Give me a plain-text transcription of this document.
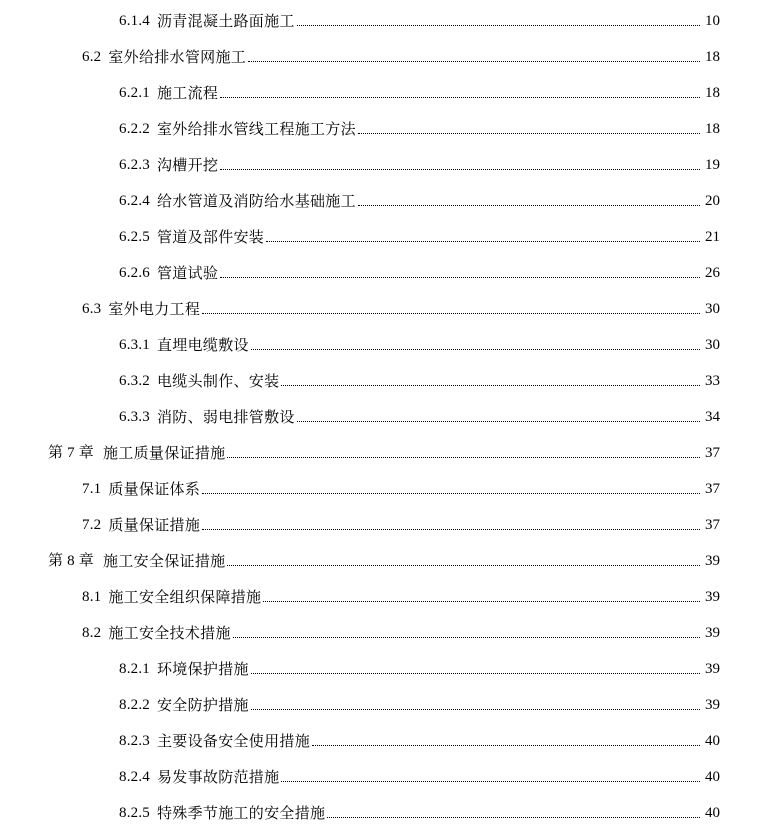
6.1.4 沥青混凝土路面施工	10
6.2 室外给排水管网施工	18
6.2.1 施工流程	18
6.2.2 室外给排水管线工程施工方法	18
6.2.3 沟槽开挖	19
6.2.4 给水管道及消防给水基础施工	20
6.2.5 管道及部件安装	21
6.2.6 管道试验	26
6.3 室外电力工程	30
6.3.1 直埋电缆敷设	30
6.3.2 电缆头制作、安装	33
6.3.3 消防、弱电排管敷设	34
第 7 章 施工质量保证措施	37
7.1 质量保证体系	37
7.2 质量保证措施	37
第 8 章 施工安全保证措施	39
8.1 施工安全组织保障措施	39
8.2 施工安全技术措施	39
8.2.1 环境保护措施	39
8.2.2 安全防护措施	39
8.2.3 主要设备安全使用措施	40
8.2.4 易发事故防范措施	40
8.2.5 特殊季节施工的安全措施	40
